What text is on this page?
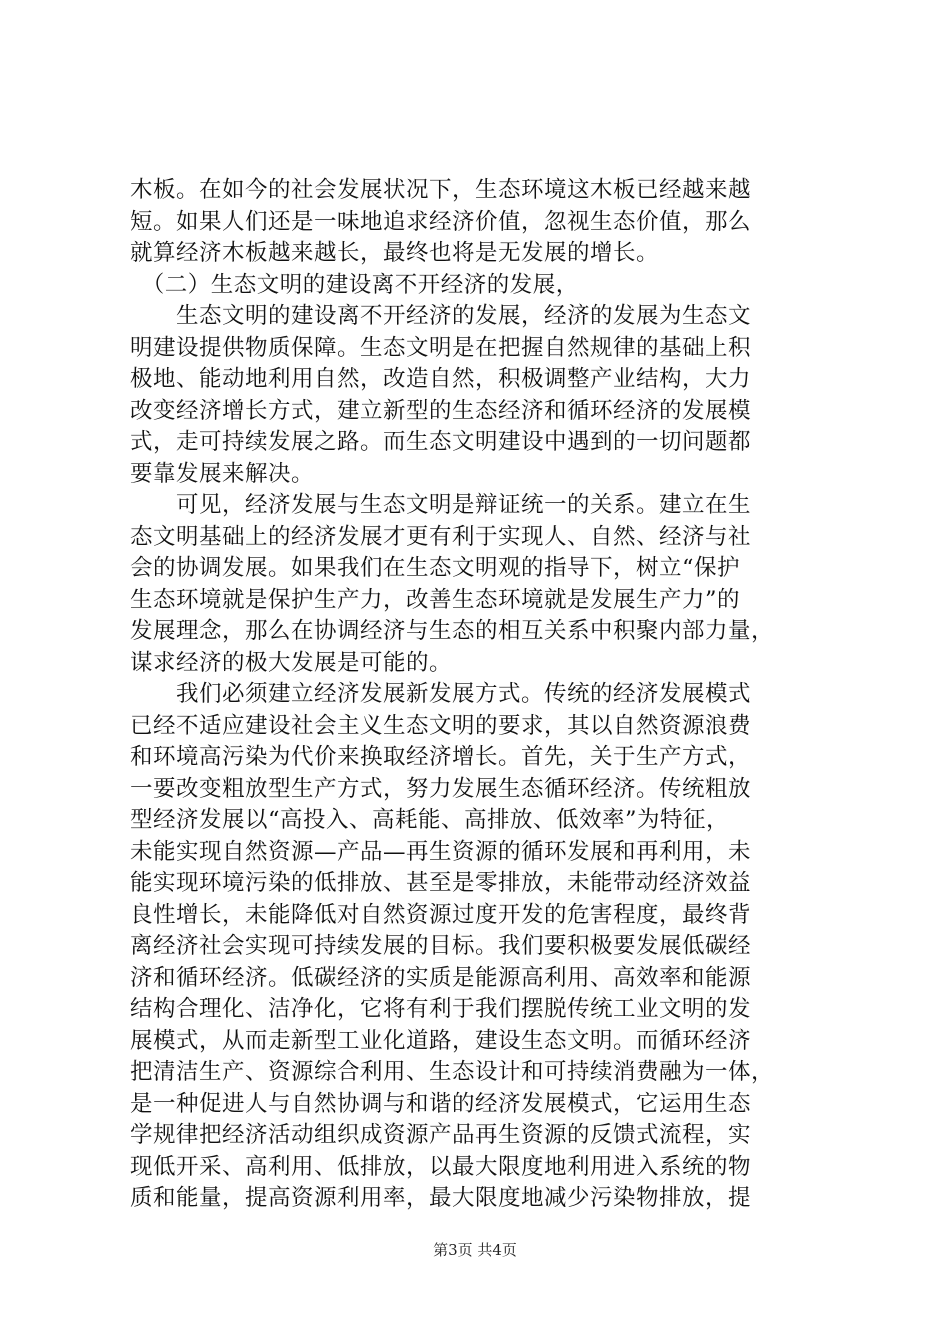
木板。在如今的社会发展状况下，生态环境这木板已经越来越
短。如果人们还是一味地追求经济价值，忽视生态价值，那么
就算经济木板越来越长，最终也将是无发展的增长。
　（二）生态文明的建设离不开经济的发展，
　　生态文明的建设离不开经济的发展，经济的发展为生态文
明建设提供物质保障。生态文明是在把握自然规律的基础上积
极地、能动地利用自然，改造自然，积极调整产业结构，大力
改变经济增长方式，建立新型的生态经济和循环经济的发展模
式，走可持续发展之路。而生态文明建设中遇到的一切问题都
要靠发展来解决。
　　可见，经济发展与生态文明是辩证统一的关系。建立在生
态文明基础上的经济发展才更有利于实现人、自然、经济与社
会的协调发展。如果我们在生态文明观的指导下，树立“保护
生态环境就是保护生产力，改善生态环境就是发展生产力”的
发展理念，那么在协调经济与生态的相互关系中积聚内部力量，
谋求经济的极大发展是可能的。
　　我们必须建立经济发展新发展方式。传统的经济发展模式
已经不适应建设社会主义生态文明的要求，其以自然资源浪费
和环境高污染为代价来换取经济增长。首先，关于生产方式，
一要改变粗放型生产方式，努力发展生态循环经济。传统粗放
型经济发展以“高投入、高耗能、高排放、低效率”为特征，
未能实现自然资源—产品—再生资源的循环发展和再利用，未
能实现环境污染的低排放、甚至是零排放，未能带动经济效益
良性增长，未能降低对自然资源过度开发的危害程度，最终背
离经济社会实现可持续发展的目标。我们要积极要发展低碳经
济和循环经济。低碳经济的实质是能源高利用、高效率和能源
结构合理化、洁净化，它将有利于我们摆脱传统工业文明的发
展模式，从而走新型工业化道路，建设生态文明。而循环经济
把清洁生产、资源综合利用、生态设计和可持续消费融为一体，
是一种促进人与自然协调与和谐的经济发展模式，它运用生态
学规律把经济活动组织成资源产品再生资源的反馈式流程，实
现低开采、高利用、低排放，以最大限度地利用进入系统的物
质和能量，提高资源利用率，最大限度地减少污染物排放，提
第3页 共4页
